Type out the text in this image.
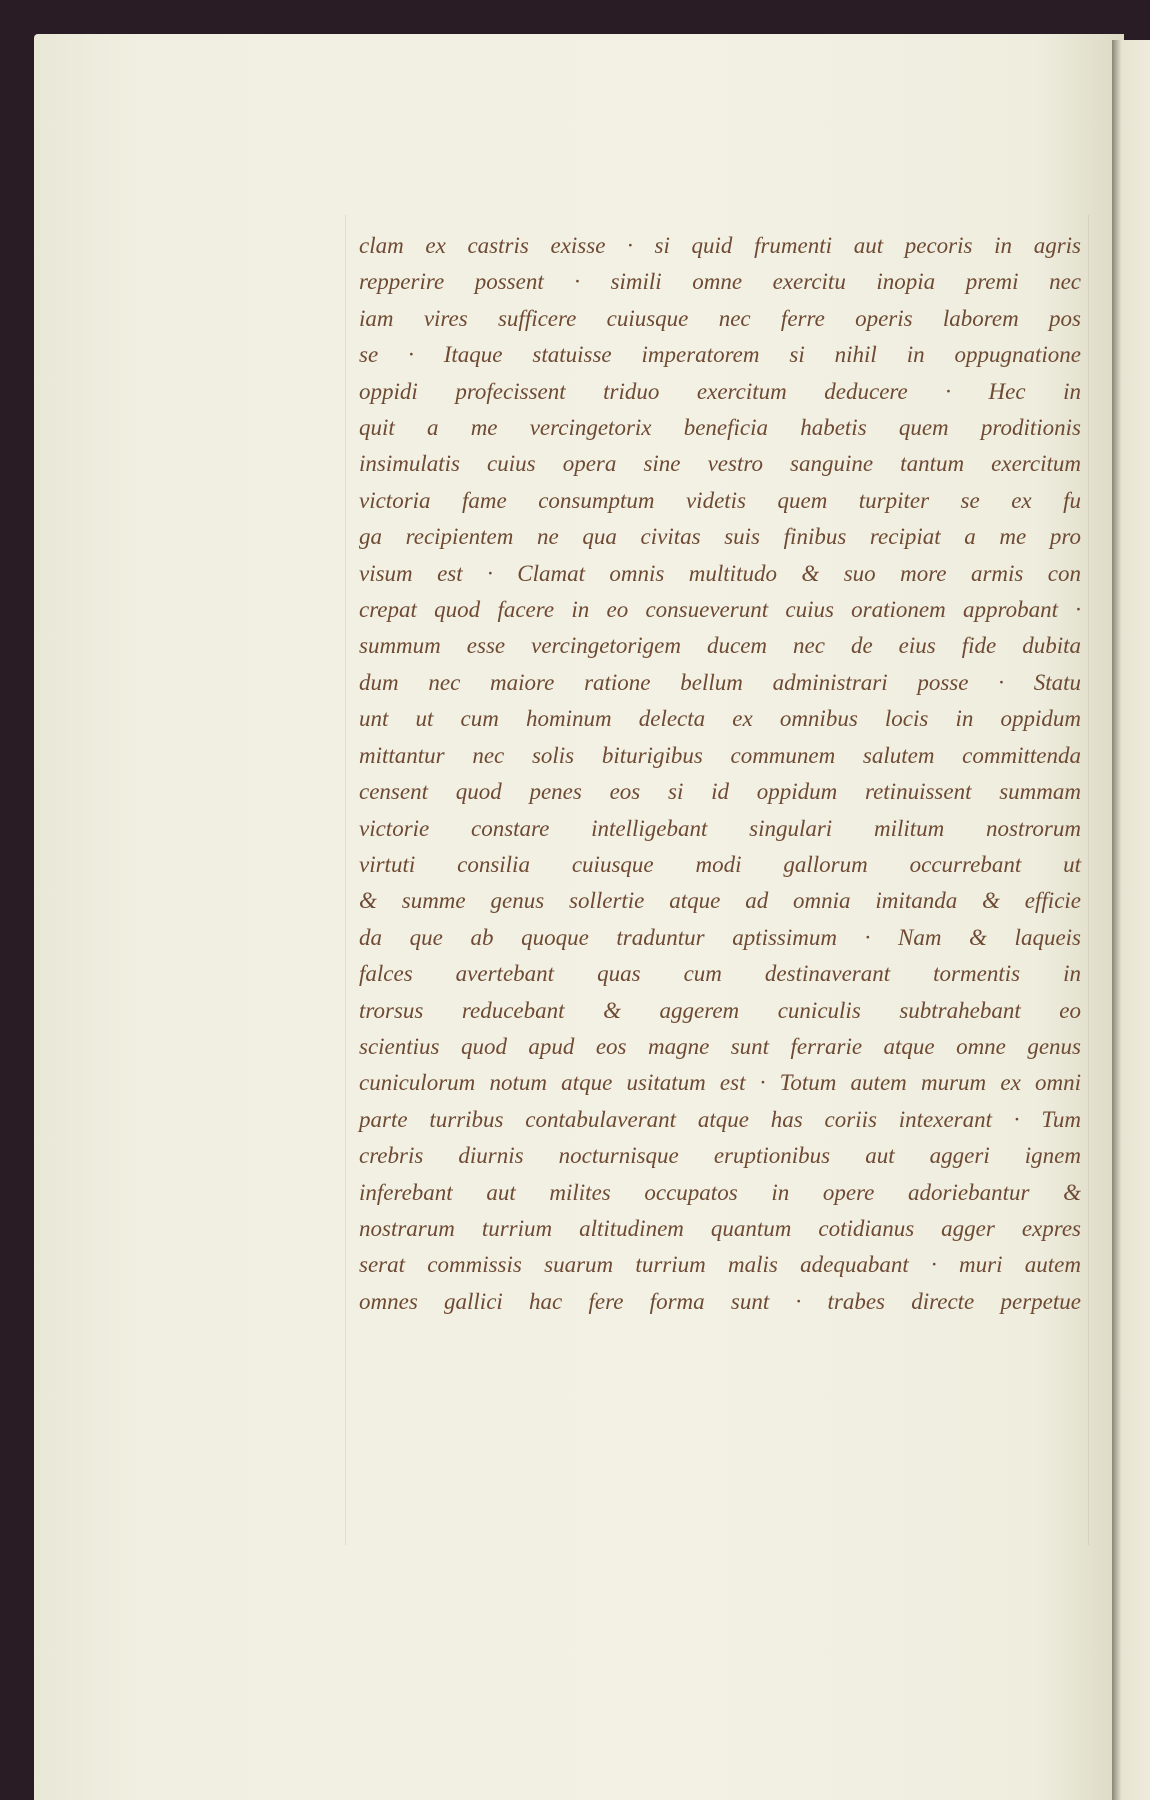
clam ex castris exisse · si quid frumenti aut pecoris in agris
repperire possent · simili omne exercitu inopia premi nec
iam vires sufficere cuiusque nec ferre operis laborem pos
se · Itaque statuisse imperatorem si nihil in oppugnatione
oppidi profecissent triduo exercitum deducere · Hec in
quit a me vercingetorix beneficia habetis quem proditionis
insimulatis cuius opera sine vestro sanguine tantum exercitum
victoria fame consumptum videtis quem turpiter se ex fu
ga recipientem ne qua civitas suis finibus recipiat a me pro
visum est · Clamat omnis multitudo & suo more armis con
crepat quod facere in eo consueverunt cuius orationem approbant ·
summum esse vercingetorigem ducem nec de eius fide dubita
dum nec maiore ratione bellum administrari posse · Statu
unt ut cum hominum delecta ex omnibus locis in oppidum
mittantur nec solis biturigibus communem salutem committenda
censent quod penes eos si id oppidum retinuissent summam
victorie constare intelligebant singulari militum nostrorum
virtuti consilia cuiusque modi gallorum occurrebant ut
& summe genus sollertie atque ad omnia imitanda & efficie
da que ab quoque traduntur aptissimum · Nam & laqueis
falces avertebant quas cum destinaverant tormentis in
trorsus reducebant & aggerem cuniculis subtrahebant eo
scientius quod apud eos magne sunt ferrarie atque omne genus
cuniculorum notum atque usitatum est · Totum autem murum ex omni
parte turribus contabulaverant atque has coriis intexerant · Tum
crebris diurnis nocturnisque eruptionibus aut aggeri ignem
inferebant aut milites occupatos in opere adoriebantur &
nostrarum turrium altitudinem quantum cotidianus agger expres
serat commissis suarum turrium malis adequabant · muri autem
omnes gallici hac fere forma sunt · trabes directe perpetue
